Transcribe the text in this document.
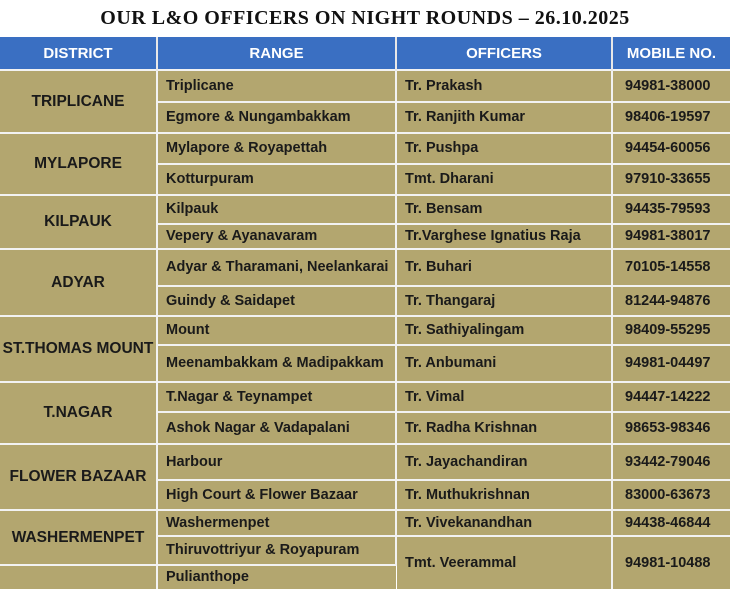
OUR L&O OFFICERS ON NIGHT ROUNDS – 26.10.2025
DISTRICT	RANGE	OFFICERS	MOBILE NO.
TRIPLICANE	Triplicane	Tr. Prakash	94981-38000
	Egmore & Nungambakkam	Tr. Ranjith Kumar	98406-19597
MYLAPORE	Mylapore & Royapettah	Tr. Pushpa	94454-60056
	Kotturpuram	Tmt. Dharani	97910-33655
KILPAUK	Kilpauk	Tr. Bensam	94435-79593
	Vepery & Ayanavaram	Tr.Varghese Ignatius Raja	94981-38017
ADYAR	Adyar & Tharamani, Neelankarai	Tr. Buhari	70105-14558
	Guindy & Saidapet	Tr. Thangaraj	81244-94876
ST.THOMAS MOUNT	Mount	Tr. Sathiyalingam	98409-55295
	Meenambakkam & Madipakkam	Tr. Anbumani	94981-04497
T.NAGAR	T.Nagar & Teynampet	Tr. Vimal	94447-14222
	Ashok Nagar & Vadapalani	Tr. Radha Krishnan	98653-98346
FLOWER BAZAAR	Harbour	Tr. Jayachandiran	93442-79046
	High Court & Flower Bazaar	Tr. Muthukrishnan	83000-63673
WASHERMENPET	Washermenpet	Tr. Vivekanandhan	94438-46844
	Thiruvottriyur & Royapuram	Tmt. Veerammal	94981-10488
	Pulianthope		
